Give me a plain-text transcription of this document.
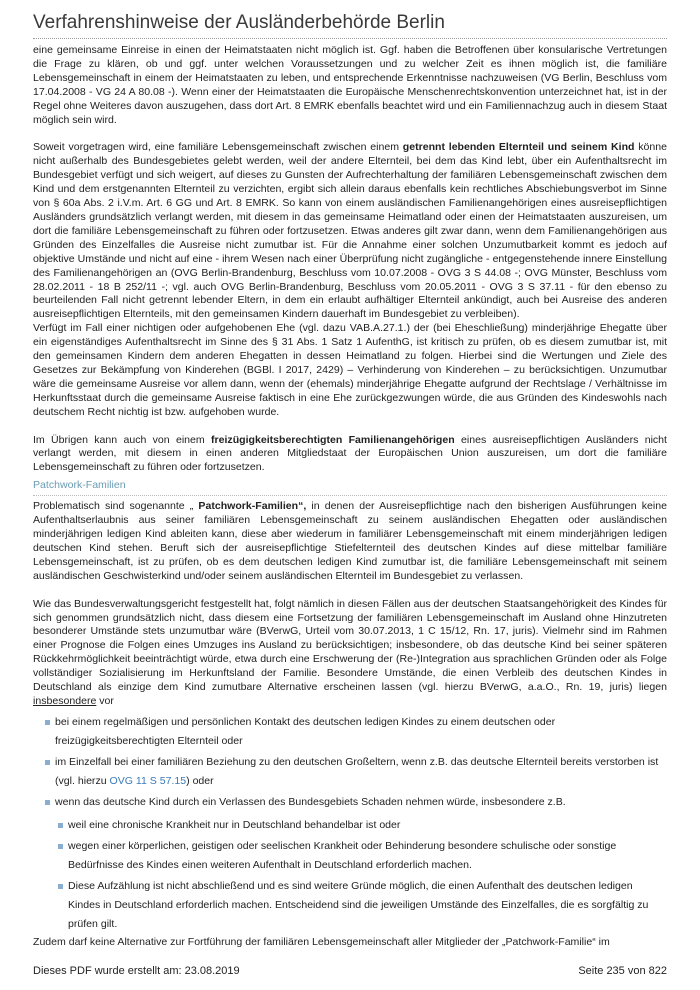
Verfahrenshinweise der Ausländerbehörde Berlin

eine gemeinsame Einreise in einen der Heimatstaaten nicht möglich ist. Ggf. haben die Betroffenen über konsularische Vertretungen die Frage zu klären, ob und ggf. unter welchen Voraussetzungen und zu welcher Zeit es ihnen möglich ist, die familiäre Lebensgemeinschaft in einem der Heimatstaaten zu leben, und entsprechende Erkenntnisse nachzuweisen (VG Berlin, Beschluss vom 17.04.2008 - VG 24 A 80.08 -). Wenn einer der Heimatstaaten die Europäische Menschenrechtskonvention unterzeichnet hat, ist in der Regel ohne Weiteres davon auszugehen, dass dort Art. 8 EMRK ebenfalls beachtet wird und ein Familiennachzug auch in diesem Staat möglich sein wird.

Soweit vorgetragen wird, eine familiäre Lebensgemeinschaft zwischen einem getrennt lebenden Elternteil und seinem Kind könne nicht außerhalb des Bundesgebietes gelebt werden, weil der andere Elternteil, bei dem das Kind lebt, über ein Aufenthaltsrecht im Bundesgebiet verfügt und sich weigert, auf dieses zu Gunsten der Aufrechterhaltung der familiären Lebensgemeinschaft zwischen dem Kind und dem erstgenannten Elternteil zu verzichten, ergibt sich allein daraus ebenfalls kein rechtliches Abschiebungsverbot im Sinne von § 60a Abs. 2 i.V.m. Art. 6 GG und Art. 8 EMRK. So kann von einem ausländischen Familienangehörigen eines ausreisepflichtigen Ausländers grundsätzlich verlangt werden, mit diesem in das gemeinsame Heimatland oder einen der Heimatstaaten auszureisen, um dort die familiäre Lebensgemeinschaft zu führen oder fortzusetzen. Etwas anderes gilt zwar dann, wenn dem Familienangehörigen aus Gründen des Einzelfalles die Ausreise nicht zumutbar ist. Für die Annahme einer solchen Unzumutbarkeit kommt es jedoch auf objektive Umstände und nicht auf eine - ihrem Wesen nach einer Überprüfung nicht zugängliche - entgegenstehende innere Einstellung des Familienangehörigen an (OVG Berlin-Brandenburg, Beschluss vom 10.07.2008 - OVG 3 S 44.08 -; OVG Münster, Beschluss vom 28.02.2011 - 18 B 252/11 -; vgl. auch OVG Berlin-Brandenburg, Beschluss vom 20.05.2011 - OVG 3 S 37.11 - für den ebenso zu beurteilenden Fall nicht getrennt lebender Eltern, in dem ein erlaubt aufhältiger Elternteil ankündigt, auch bei Ausreise des anderen ausreisepflichtigen Elternteils, mit den gemeinsamen Kindern dauerhaft im Bundesgebiet zu verbleiben).

Verfügt im Fall einer nichtigen oder aufgehobenen Ehe (vgl. dazu VAB.A.27.1.) der (bei Eheschließung) minderjährige Ehegatte über ein eigenständiges Aufenthaltsrecht im Sinne des § 31 Abs. 1 Satz 1 AufenthG, ist kritisch zu prüfen, ob es diesem zumutbar ist, mit den gemeinsamen Kindern dem anderen Ehegatten in dessen Heimatland zu folgen. Hierbei sind die Wertungen und Ziele des Gesetzes zur Bekämpfung von Kinderehen (BGBl. I 2017, 2429) – Verhinderung von Kinderehen – zu berücksichtigen. Unzumutbar wäre die gemeinsame Ausreise vor allem dann, wenn der (ehemals) minderjährige Ehegatte aufgrund der Rechtslage / Verhältnisse im Herkunftsstaat durch die gemeinsame Ausreise faktisch in eine Ehe zurückgezwungen würde, die aus Gründen des Kindeswohls nach deutschem Recht nichtig ist bzw. aufgehoben wurde.

Im Übrigen kann auch von einem freizügigkeitsberechtigten Familienangehörigen eines ausreisepflichtigen Ausländers nicht verlangt werden, mit diesem in einen anderen Mitgliedstaat der Europäischen Union auszureisen, um dort die familiäre Lebensgemeinschaft zu führen oder fortzusetzen.

Patchwork-Familien

Problematisch sind sogenannte „ Patchwork-Familien“, in denen der Ausreisepflichtige nach den bisherigen Ausführungen keine Aufenthaltserlaubnis aus seiner familiären Lebensgemeinschaft zu seinem ausländischen Ehegatten oder ausländischen minderjährigen ledigen Kind ableiten kann, diese aber wiederum in familiärer Lebensgemeinschaft mit einem minderjährigen ledigen deutschen Kind stehen. Beruft sich der ausreisepflichtige Stiefelternteil des deutschen Kindes auf diese mittelbar familiäre Lebensgemeinschaft, ist zu prüfen, ob es dem deutschen ledigen Kind zumutbar ist, die familiäre Lebensgemeinschaft mit seinem ausländischen Geschwisterkind und/oder seinem ausländischen Elternteil im Bundesgebiet zu verlassen.

Wie das Bundesverwaltungsgericht festgestellt hat, folgt nämlich in diesen Fällen aus der deutschen Staatsangehörigkeit des Kindes für sich genommen grundsätzlich nicht, dass diesem eine Fortsetzung der familiären Lebensgemeinschaft im Ausland ohne Hinzutreten besonderer Umstände stets unzumutbar wäre (BVerwG, Urteil vom 30.07.2013, 1 C 15/12, Rn. 17, juris). Vielmehr sind im Rahmen einer Prognose die Folgen eines Umzuges ins Ausland zu berücksichtigen; insbesondere, ob das deutsche Kind bei seiner späteren Rückkehrmöglichkeit beeinträchtigt würde, etwa durch eine Erschwerung der (Re-)Integration aus sprachlichen Gründen oder als Folge vollständiger Sozialisierung im Herkunftsland der Familie. Besondere Umstände, die einen Verbleib des deutschen Kindes in Deutschland als einzige dem Kind zumutbare Alternative erscheinen lassen (vgl. hierzu BVerwG, a.a.O., Rn. 19, juris) liegen insbesondere vor

bei einem regelmäßigen und persönlichen Kontakt des deutschen ledigen Kindes zu einem deutschen oder freizügigkeitsberechtigten Elternteil oder
im Einzelfall bei einer familiären Beziehung zu den deutschen Großeltern, wenn z.B. das deutsche Elternteil bereits verstorben ist (vgl. hierzu OVG 11 S 57.15) oder
wenn das deutsche Kind durch ein Verlassen des Bundesgebiets Schaden nehmen würde, insbesondere z.B.
weil eine chronische Krankheit nur in Deutschland behandelbar ist oder
wegen einer körperlichen, geistigen oder seelischen Krankheit oder Behinderung besondere schulische oder sonstige Bedürfnisse des Kindes einen weiteren Aufenthalt in Deutschland erforderlich machen.
Diese Aufzählung ist nicht abschließend und es sind weitere Gründe möglich, die einen Aufenthalt des deutschen ledigen Kindes in Deutschland erforderlich machen. Entscheidend sind die jeweiligen Umstände des Einzelfalles, die es sorgfältig zu prüfen gilt.

Zudem darf keine Alternative zur Fortführung der familiären Lebensgemeinschaft aller Mitglieder der „Patchwork-Familie“ im

Dieses PDF wurde erstellt am: 23.08.2019	Seite 235 von 822
